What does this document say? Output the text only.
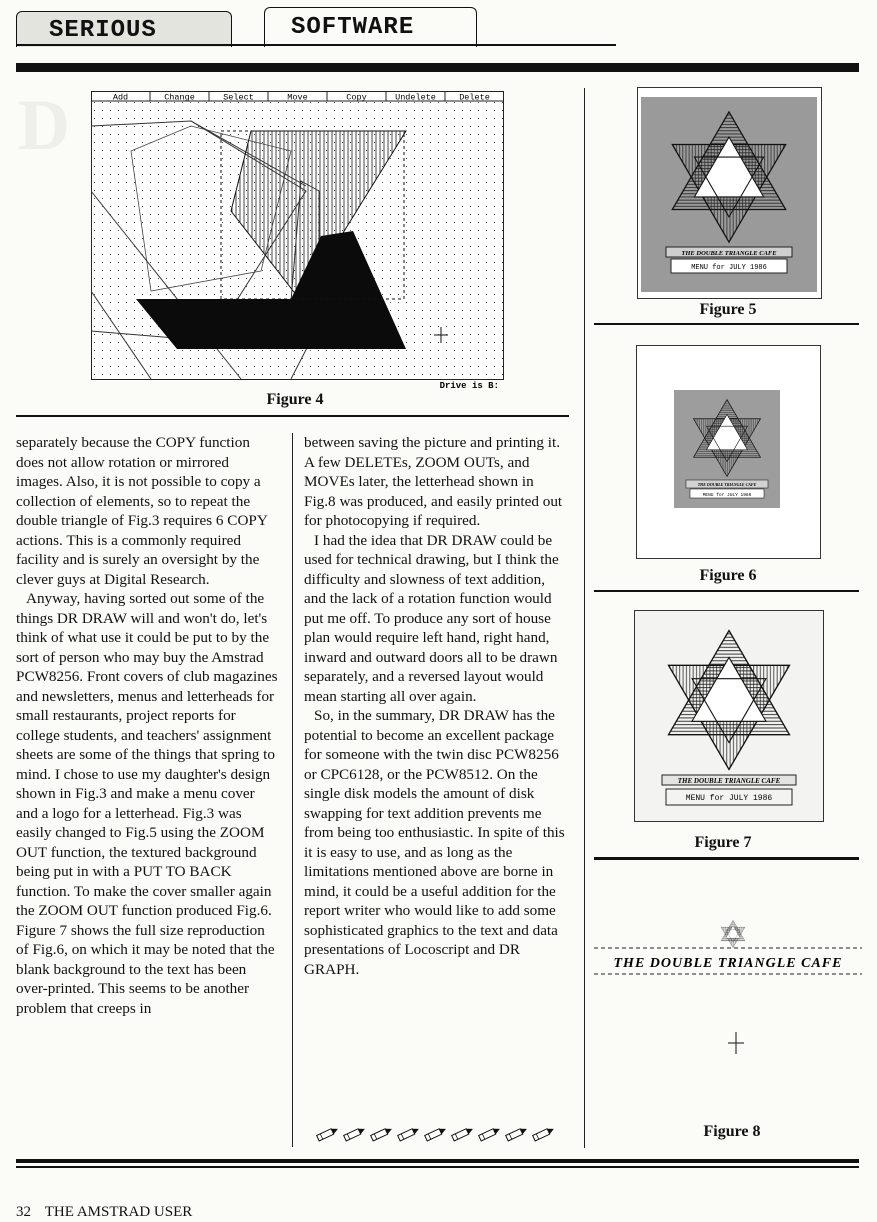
SERIOUS	SOFTWARE
D	Add	Change	Select	Move	Copy	Undelete	Delete
Drive is B:
Figure 4

separately because the COPY function does not allow rotation or mirrored images. Also, it is not possible to copy a collection of elements, so to repeat the double triangle of Fig.3 requires 6 COPY actions. This is a commonly required facility and is surely an oversight by the clever guys at Digital Research.

Anyway, having sorted out some of the things DR DRAW will and won't do, let's think of what use it could be put to by the sort of person who may buy the Amstrad PCW8256. Front covers of club magazines and newsletters, menus and letterheads for small restaurants, project reports for college students, and teachers' assignment sheets are some of the things that spring to mind. I chose to use my daughter's design shown in Fig.3 and make a menu cover and a logo for a letterhead. Fig.3 was easily changed to Fig.5 using the ZOOM OUT function, the textured background being put in with a PUT TO BACK function. To make the cover smaller again the ZOOM OUT function produced Fig.6. Figure 7 shows the full size reproduction of Fig.6, on which it may be noted that the blank background to the text has been over-printed. This seems to be another problem that creeps in

between saving the picture and printing it. A few DELETEs, ZOOM OUTs, and MOVEs later, the letterhead shown in Fig.8 was produced, and easily printed out for photocopying if required.

I had the idea that DR DRAW could be used for technical drawing, but I think the difficulty and slowness of text addition, and the lack of a rotation function would put me off. To produce any sort of house plan would require left hand, right hand, inward and outward doors all to be drawn separately, and a reversed layout would mean starting all over again.

So, in the summary, DR DRAW has the potential to become an excellent package for someone with the twin disc PCW8256 or CPC6128, or the PCW8512. On the single disk models the amount of disk swapping for text addition prevents me from being too enthusiastic. In spite of this it is easy to use, and as long as the limitations mentioned above are borne in mind, it could be a useful addition for the report writer who would like to add some sophisticated graphics to the text and data presentations of Locoscript and DR GRAPH.

THE DOUBLE TRIANGLE CAFE
MENU for JULY 1986
Figure 5
THE DOUBLE TRIANGLE CAFE
MENU for JULY 1986
Figure 6
THE DOUBLE TRIANGLE CAFE
MENU for JULY 1986
Figure 7
THE DOUBLE TRIANGLE CAFE
Figure 8
32 THE AMSTRAD USER
